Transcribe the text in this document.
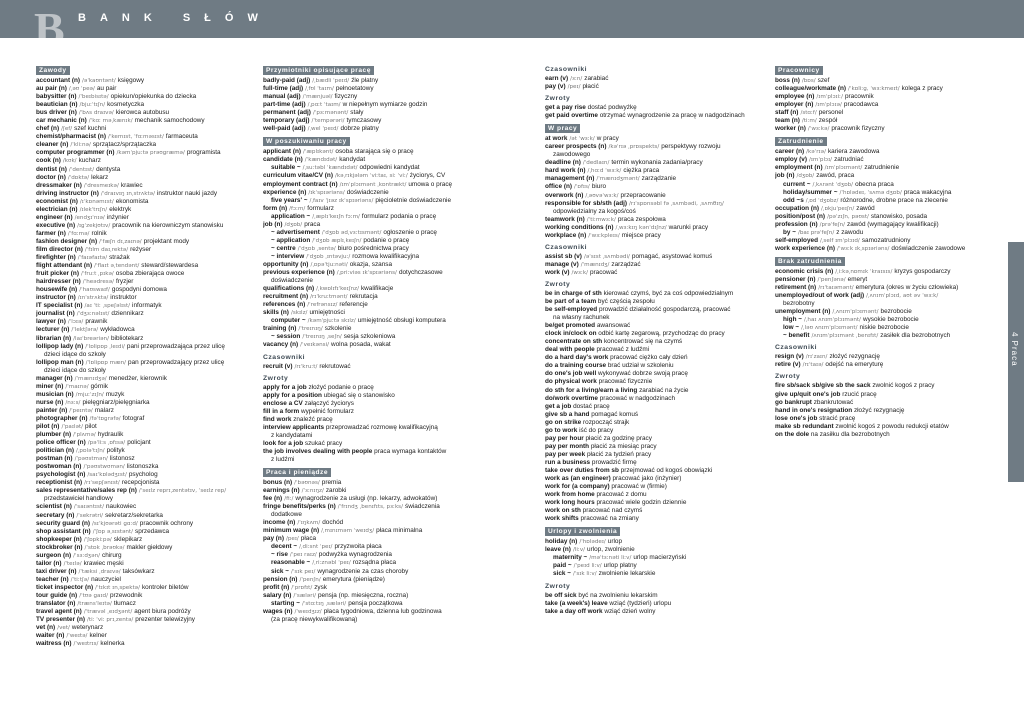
B BANK SŁÓW
Zawody
accountant (n) /əˈkaʊntənt/ księgowy
au pair (n) /ˌəʊ ˈpeə/ au pair
babysitter (n) /ˈbeɪbisɪtə/ opiekun/opiekunka do dziecka
beautician (n) /bjuːˈtɪʃn/ kosmetyczka
bus driver (n) /ˈbʌs draɪvə/ kierowca autobusu
car mechanic (n) /ˈkɑː məˌkænɪk/ mechanik samochodowy
chef (n) /ʃef/ szef kuchni
chemist/pharmacist (n) /ˈkemɪst, ˈfɑːməsɪst/ farmaceuta
cleaner (n) /ˈkliːnə/ sprzątacz/sprzątaczka
computer programmer (n) /kəmˈpjuːtə prəʊɡræmə/ programista
cook (n) /kʊk/ kucharz
dentist (n) /ˈdentɪst/ dentysta
doctor (n) /ˈdɒktə/ lekarz
dressmaker (n) /ˈdresmeɪkə/ krawiec
driving instructor (n) /ˈdraɪvɪŋ ɪnˌstrʌktə/ instruktor nauki jazdy
economist (n) /ɪˈkɒnəmɪst/ ekonomista
electrician (n) /ɪlekˈtrɪʃn/ elektryk
engineer (n) /endʒɪˈnɪə/ inżynier
executive (n) /ɪɡˈzekjʊtɪv/ pracownik na kierowniczym stanowisku
farmer (n) /ˈfɑːmə/ rolnik
fashion designer (n) /ˈfæʃn dɪˌzaɪnə/ projektant mody
film director (n) /ˈfɪlm daɪˌrektə/ reżyser
firefighter (n) /ˈfaɪəfaɪtə/ strażak
flight attendant (n) /ˈflaɪt əˌtendənt/ steward/stewardesa
fruit picker (n) /ˈfruːt ˌpɪkə/ osoba zbierająca owoce
hairdresser (n) /ˈheədresə/ fryzjer
housewife (n) /ˈhaʊswaɪf/ gospodyni domowa
instructor (n) /ɪnˈstrʌktə/ instruktor
IT specialist (n) /aɪ ˈtiː ˌspeʃəlɪst/ informatyk
journalist (n) /ˈdʒɜːnəlɪst/ dziennikarz
lawyer (n) /ˈlɔɪə/ prawnik
lecturer (n) /ˈlektʃərə/ wykładowca
librarian (n) /laɪˈbreəriən/ bibliotekarz
lollipop lady (n) /ˈlɒlipɒp ˌleɪdi/ pani przeprowadzająca przez ulicę
dzieci idące do szkoły
lollipop man (n) /ˈlɒlipɒp mæn/ pan przeprowadzający przez ulicę
dzieci idące do szkoły
manager (n) /ˈmænɪdʒə/ menedżer, kierownik
miner (n) /ˈmaɪnə/ górnik
musician (n) /mjuːˈzɪʃn/ muzyk
nurse (n) /nɜːs/ pielęgniarz/pielęgniarka
painter (n) /ˈpeɪntə/ malarz
photographer (n) /fəˈtɒɡrəfə/ fotograf
pilot (n) /ˈpaɪlət/ pilot
plumber (n) /ˈplʌmə/ hydraulik
police officer (n) /pəˈliːs ˌɒfɪsə/ policjant
politician (n) /ˌpɒləˈtɪʃn/ polityk
postman (n) /ˈpəʊstmən/ listonosz
postwoman (n) /ˈpəʊstwʊmən/ listonoszka
psychologist (n) /saɪˈkɒlədʒɪst/ psycholog
receptionist (n) /rɪˈsepʃənɪst/ recepcjonista
sales representative/sales rep (n) /ˈseɪlz reprɪˌzentətɪv, ˈseɪlz rep/
przedstawiciel handlowy
scientist (n) /ˈsaɪəntɪst/ naukowiec
secretary (n) /ˈsekrətri/ sekretarz/sekretarka
security guard (n) /sɪˈkjʊərəti ɡɑːd/ pracownik ochrony
shop assistant (n) /ˈʃɒp əˌsɪstənt/ sprzedawca
shopkeeper (n) /ˈʃɒpkiːpə/ sklepikarz
stockbroker (n) /ˈstɒk ˌbrəʊkə/ makler giełdowy
surgeon (n) /ˈsɜːdʒən/ chirurg
tailor (n) /ˈteɪlə/ krawiec męski
taxi driver (n) /ˈtæksi ˌdraɪvə/ taksówkarz
teacher (n) /ˈtiːtʃə/ nauczyciel
ticket inspector (n) /ˈtɪkɪt ɪnˌspektə/ kontroler biletów
tour guide (n) /ˈtʊə ɡaɪd/ przewodnik
translator (n) /trænsˈleɪtə/ tłumacz
travel agent (n) /ˈtrævəl ˌeɪdʒənt/ agent biura podróży
TV presenter (n) /tiː ˈviː prɪˌzentə/ prezenter telewizyjny
vet (n) /vet/ weterynarz
waiter (n) /ˈweɪtə/ kelner
waitress (n) /ˈweɪtrɪs/ kelnerka
Przymiotniki opisujące pracę
badly-paid (adj) /ˌbædli ˈpeɪd/ źle płatny
full-time (adj) /ˌfʊl ˈtaɪm/ pełnoetatowy
manual (adj) /ˈmænjuəl/ fizyczny
part-time (adj) /ˌpɑːt ˈtaɪm/ w niepełnym wymiarze godzin
permanent (adj) /ˈpɜːmənənt/ stały
temporary (adj) /ˈtempərəri/ tymczasowy
well-paid (adj) /ˌwel ˈpeɪd/ dobrze płatny
W poszukiwaniu pracy
applicant (n) /ˈæplɪkənt/ osoba starająca się o pracę
candidate (n) /ˈkændɪdət/ kandydat
suitable ~ /ˌsuːtəbl ˈkændɪdət/ odpowiedni kandydat
curriculum vitae/CV (n) /kəˌrɪkjələm ˈviːtaɪ, siː ˈviː/ życiorys, CV
employment contract (n) /ɪmˈplɔɪmənt ˌkɒntrækt/ umowa o pracę
experience (n) /ɪkˈspɪəriəns/ doświadczenie
five years' ~ /ˌfaɪv ˈjɪəz ɪkˈspɪəriəns/ pięcioletnie doświadczenie
form (n) /fɔːm/ formularz
application ~ /ˌæplɪˈkeɪʃn fɔːm/ formularz podania o pracę
job (n) /dʒɒb/ praca
~ advertisement /ˈdʒɒb ədˌvɜːtɪsmənt/ ogłoszenie o pracę
~ application /ˈdʒɒb æplɪˌkeɪʃn/ podanie o pracę
~ centre /ˈdʒɒb ˌsentə/ biuro pośrednictwa pracy
~ interview /ˈdʒɒb ˌɪntəvjuː/ rozmowa kwalifikacyjna
opportunity (n) /ˌɒpəˈtjuːnəti/ okazja, szansa
previous experience (n) /ˌpriːviəs ɪkˈspɪəriəns/ dotychczasowe
doświadczenie
qualifications (n) /ˌkwɒlɪfɪˈkeɪʃnz/ kwalifikacje
recruitment (n) /rɪˈkruːtmənt/ rekrutacja
references (n) /ˈrefrənsɪz/ referencje
skills (n) /skɪlz/ umiejętności
computer ~ /kəmˈpjuːtə skɪlz/ umiejętność obsługi komputera
training (n) /ˈtreɪnɪŋ/ szkolenie
~ session /ˈtreɪnɪŋ ˌseʃn/ sesja szkoleniowa
vacancy (n) /ˈveɪkənsi/ wolna posada, wakat
Czasowniki
recruit (v) /rɪˈkruːt/ rekrutować
Zwroty
apply for a job złożyć podanie o pracę
apply for a position ubiegać się o stanowisko
enclose a CV załączyć życiorys
fill in a form wypełnić formularz
find work znaleźć pracę
interview applicants przeprowadzać rozmowę kwalifikacyjną
z kandydatami
look for a job szukać pracy
the job involves dealing with people praca wymaga kontaktów
z ludźmi
Praca i pieniądze
bonus (n) /ˈbəʊnəs/ premia
earnings (n) /ˈɜːnɪŋz/ zarobki
fee (n) /fiː/ wynagrodzenie za usługi (np. lekarzy, adwokatów)
fringe benefits/perks (n) /ˈfrɪndʒ ˌbenɪfɪts, pɜːks/ świadczenia
dodatkowe
income (n) /ˈɪŋkʌm/ dochód
minimum wage (n) /ˌmɪnɪməm ˈweɪdʒ/ płaca minimalna
pay (n) /peɪ/ płaca
decent ~ /ˌdiːsnt ˈpeɪ/ przyzwoita płaca
~ rise /ˈpeɪ raɪz/ podwyżka wynagrodzenia
reasonable ~ /ˌriːznəbl ˈpeɪ/ rozsądna płaca
sick ~ /ˈsɪk peɪ/ wynagrodzenie za czas choroby
pension (n) /ˈpenʃn/ emerytura (pieniądze)
profit (n) /ˈprɒfɪt/ zysk
salary (n) /ˈsæləri/ pensja (np. miesięczna, roczna)
starting ~ /ˈstɑːtɪŋ ˌsæləri/ pensja początkowa
wages (n) /ˈweɪdʒɪz/ płaca tygodniowa, dzienna lub godzinowa
(za pracę niewykwalifikowaną)
Czasowniki
earn (v) /ɜːn/ zarabiać
pay (v) /peɪ/ płacić
Zwroty
get a pay rise dostać podwyżkę
get paid overtime otrzymać wynagrodzenie za pracę w nadgodzinach
W pracy
at work /ət ˈwɜːk/ w pracy
career prospects (n) /kəˈrɪə ˌprɒspekts/ perspektywy rozwoju
zawodowego
deadline (n) /ˈdedlaɪn/ termin wykonania zadania/pracy
hard work (n) /ˌhɑːd ˈwɜːk/ ciężka praca
management (n) /ˈmænɪdʒmənt/ zarządzanie
office (n) /ˈɒfɪs/ biuro
overwork (n) /ˌəʊvəˈwɜːk/ przepracowanie
responsible for sb/sth (adj) /rɪˈspɒnsəbl fə ˌsʌmbədi, ˌsʌmθɪŋ/
odpowiedzialny za kogoś/coś
teamwork (n) /ˈtiːmwɜːk/ praca zespołowa
working conditions (n) /ˌwɜːkɪŋ kənˈdɪʃnz/ warunki pracy
workplace (n) /ˈwɜːkpleɪs/ miejsce pracy
Czasowniki
assist sb (v) /əˈsɪst ˌsʌmbədi/ pomagać, asystować komuś
manage (v) /ˈmænɪdʒ/ zarządzać
work (v) /wɜːk/ pracować
Zwroty
be in charge of sth kierować czymś, być za coś odpowiedzialnym
be part of a team być częścią zespołu
be self-employed prowadzić działalność gospodarczą, pracować
na własny rachunek
be/get promoted awansować
clock in/clock on odbić kartę zegarową, przychodząc do pracy
concentrate on sth koncentrować się na czymś
deal with people pracować z ludźmi
do a hard day's work pracować ciężko cały dzień
do a training course brać udział w szkoleniu
do one's job well wykonywać dobrze swoją pracę
do physical work pracować fizycznie
do sth for a living/earn a living zarabiać na życie
do/work overtime pracować w nadgodzinach
get a job dostać pracę
give sb a hand pomagać komuś
go on strike rozpocząć strajk
go to work iść do pracy
pay per hour płacić za godzinę pracy
pay per month płacić za miesiąc pracy
pay per week płacić za tydzień pracy
run a business prowadzić firmę
take over duties from sb przejmować od kogoś obowiązki
work as (an engineer) pracować jako (inżynier)
work for (a company) pracować w (firmie)
work from home pracować z domu
work long hours pracować wiele godzin dziennie
work on sth pracować nad czymś
work shifts pracować na zmiany
Urlopy i zwolnienia
holiday (n) /ˈhɒlədeɪ/ urlop
leave (n) /liːv/ urlop, zwolnienie
maternity ~ /məˈtɜːnəti liːv/ urlop macierzyński
paid ~ /ˈpeɪd liːv/ urlop płatny
sick ~ /ˈsɪk liːv/ zwolnienie lekarskie
Zwroty
be off sick być na zwolnieniu lekarskim
take (a week's) leave wziąć (tydzień) urlopu
take a day off work wziąć dzień wolny
Pracownicy
boss (n) /bɒs/ szef
colleague/workmate (n) /ˈkɒliːɡ, ˈwɜːkmeɪt/ kolega z pracy
employee (n) /ɪmˈplɔɪiː/ pracownik
employer (n) /ɪmˈplɔɪə/ pracodawca
staff (n) /stɑːf/ personel
team (n) /tiːm/ zespół
worker (n) /ˈwɜːkə/ pracownik fizyczny
Zatrudnienie
career (n) /kəˈrɪə/ kariera zawodowa
employ (v) /ɪmˈplɔɪ/ zatrudniać
employment (n) /ɪmˈplɔɪmənt/ zatrudnienie
job (n) /dʒɒb/ zawód, praca
current ~ /ˌkʌrənt ˈdʒɒb/ obecna praca
holiday/summer ~ /ˈhɒlədeɪ, ˈsʌmə dʒɒb/ praca wakacyjna
odd ~s /ˌɒd ˈdʒɒbz/ różnorodne, drobne prace na zlecenie
occupation (n) /ˌɒkjuˈpeɪʃn/ zawód
position/post (n) /pəˈzɪʃn, pəʊst/ stanowisko, posada
profession (n) /prəˈfeʃn/ zawód (wymagający kwalifikacji)
by ~ /baɪ prəˈfeʃn/ z zawodu
self-employed /ˌself ɪmˈplɔɪd/ samozatrudniony
work experience (n) /ˈwɜːk ɪkˌspɪəriəns/ doświadczenie zawodowe
Brak zatrudnienia
economic crisis (n) /ˌiːkəˌnɒmɪk ˈkraɪsɪs/ kryzys gospodarczy
pensioner (n) /ˈpenʃənə/ emeryt
retirement (n) /rɪˈtaɪəmənt/ emerytura (okres w życiu człowieka)
unemployed/out of work (adj) /ˌʌnɪmˈplɔɪd, aʊt əv ˈwɜːk/
bezrobotny
unemployment (n) /ˌʌnɪmˈplɔɪmənt/ bezrobocie
high ~ /ˌhaɪ ʌnɪmˈplɔɪmənt/ wysokie bezrobocie
low ~ /ˌləʊ ʌnɪmˈplɔɪmənt/ niskie bezrobocie
~ benefit /ʌnɪmˈplɔɪmənt ˌbenɪfɪt/ zasiłek dla bezrobotnych
Czasowniki
resign (v) /rɪˈzaɪn/ złożyć rezygnację
retire (v) /rɪˈtaɪə/ odejść na emeryturę
Zwroty
fire sb/sack sb/give sb the sack zwolnić kogoś z pracy
give up/quit one's job rzucić pracę
go bankrupt zbankrutować
hand in one's resignation złożyć rezygnację
lose one's job stracić pracę
make sb redundant zwolnić kogoś z powodu redukcji etatów
on the dole na zasiłku dla bezrobotnych
4 Praca
